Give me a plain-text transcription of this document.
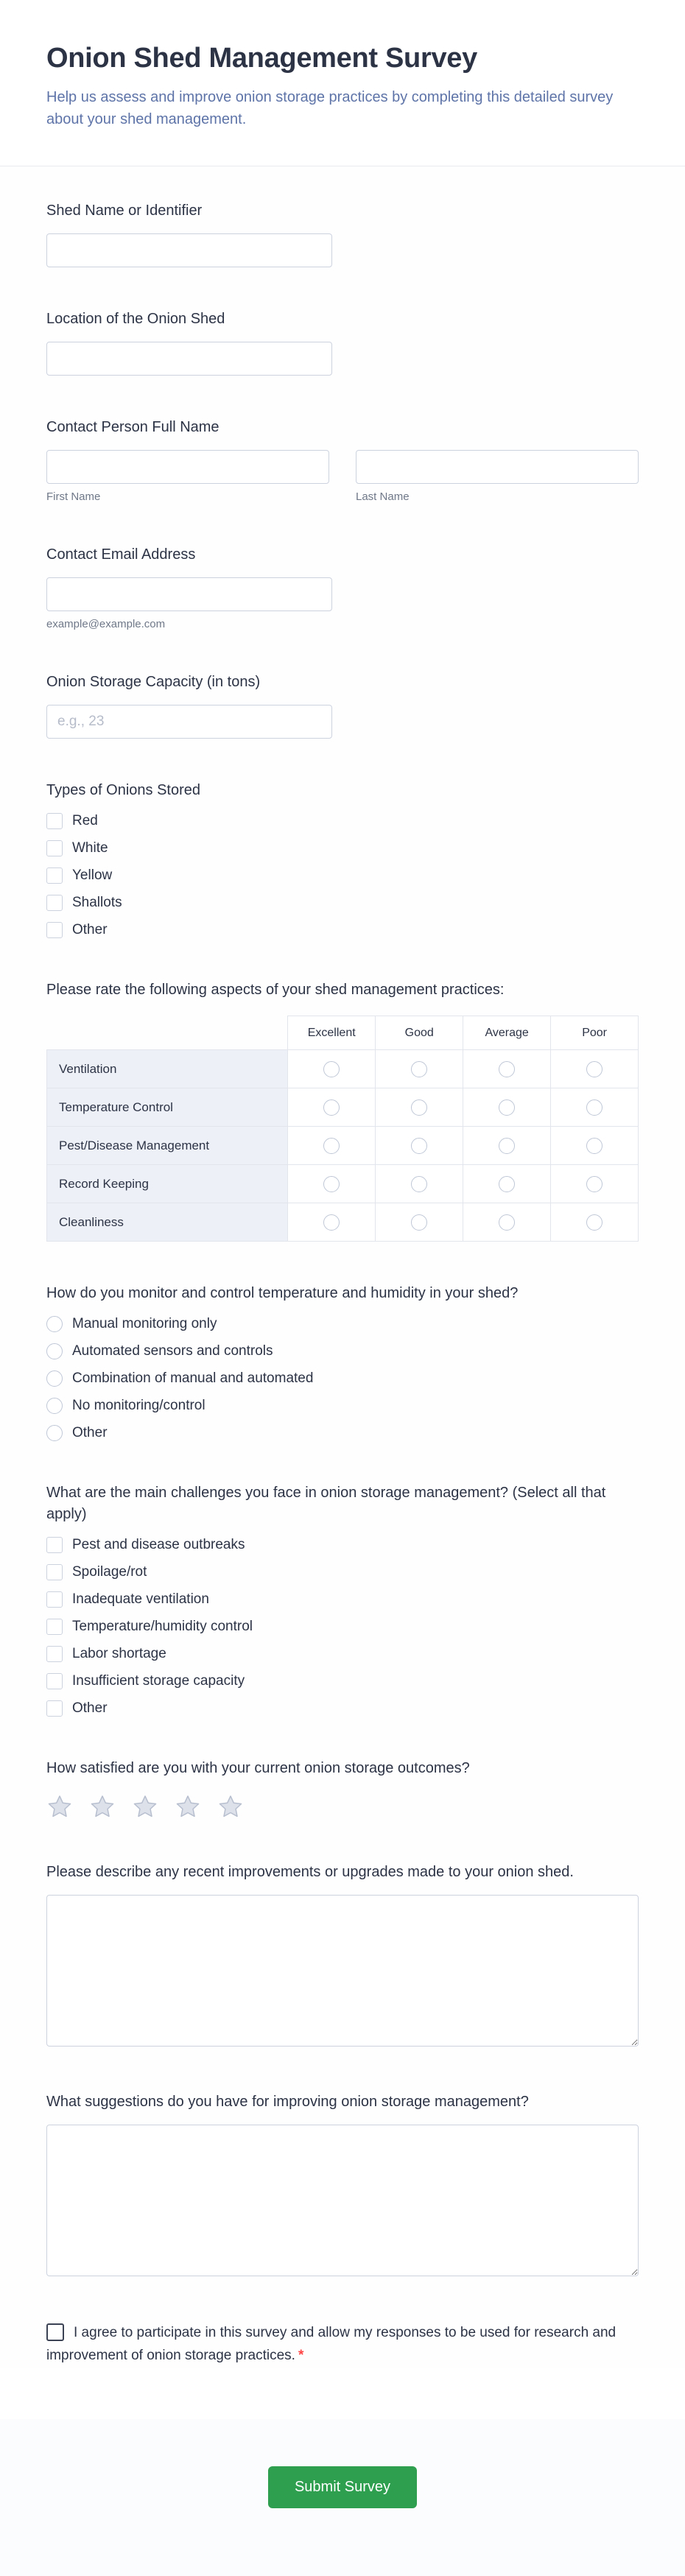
Onion Shed Management Survey
Help us assess and improve onion storage practices by completing this detailed survey about your shed management.
Shed Name or Identifier
Location of the Onion Shed
Contact Person Full Name
First Name	Last Name
Contact Email Address
example@example.com
Onion Storage Capacity (in tons)
e.g., 23
Types of Onions Stored
Red
White
Yellow
Shallots
Other
Please rate the following aspects of your shed management practices:
	Excellent	Good	Average	Poor
Ventilation				
Temperature Control				
Pest/Disease Management				
Record Keeping				
Cleanliness				
How do you monitor and control temperature and humidity in your shed?
Manual monitoring only
Automated sensors and controls
Combination of manual and automated
No monitoring/control
Other
What are the main challenges you face in onion storage management? (Select all that apply)
Pest and disease outbreaks
Spoilage/rot
Inadequate ventilation
Temperature/humidity control
Labor shortage
Insufficient storage capacity
Other
How satisfied are you with your current onion storage outcomes?
Please describe any recent improvements or upgrades made to your onion shed.
What suggestions do you have for improving onion storage management?
I agree to participate in this survey and allow my responses to be used for research and improvement of onion storage practices. *
Submit Survey
